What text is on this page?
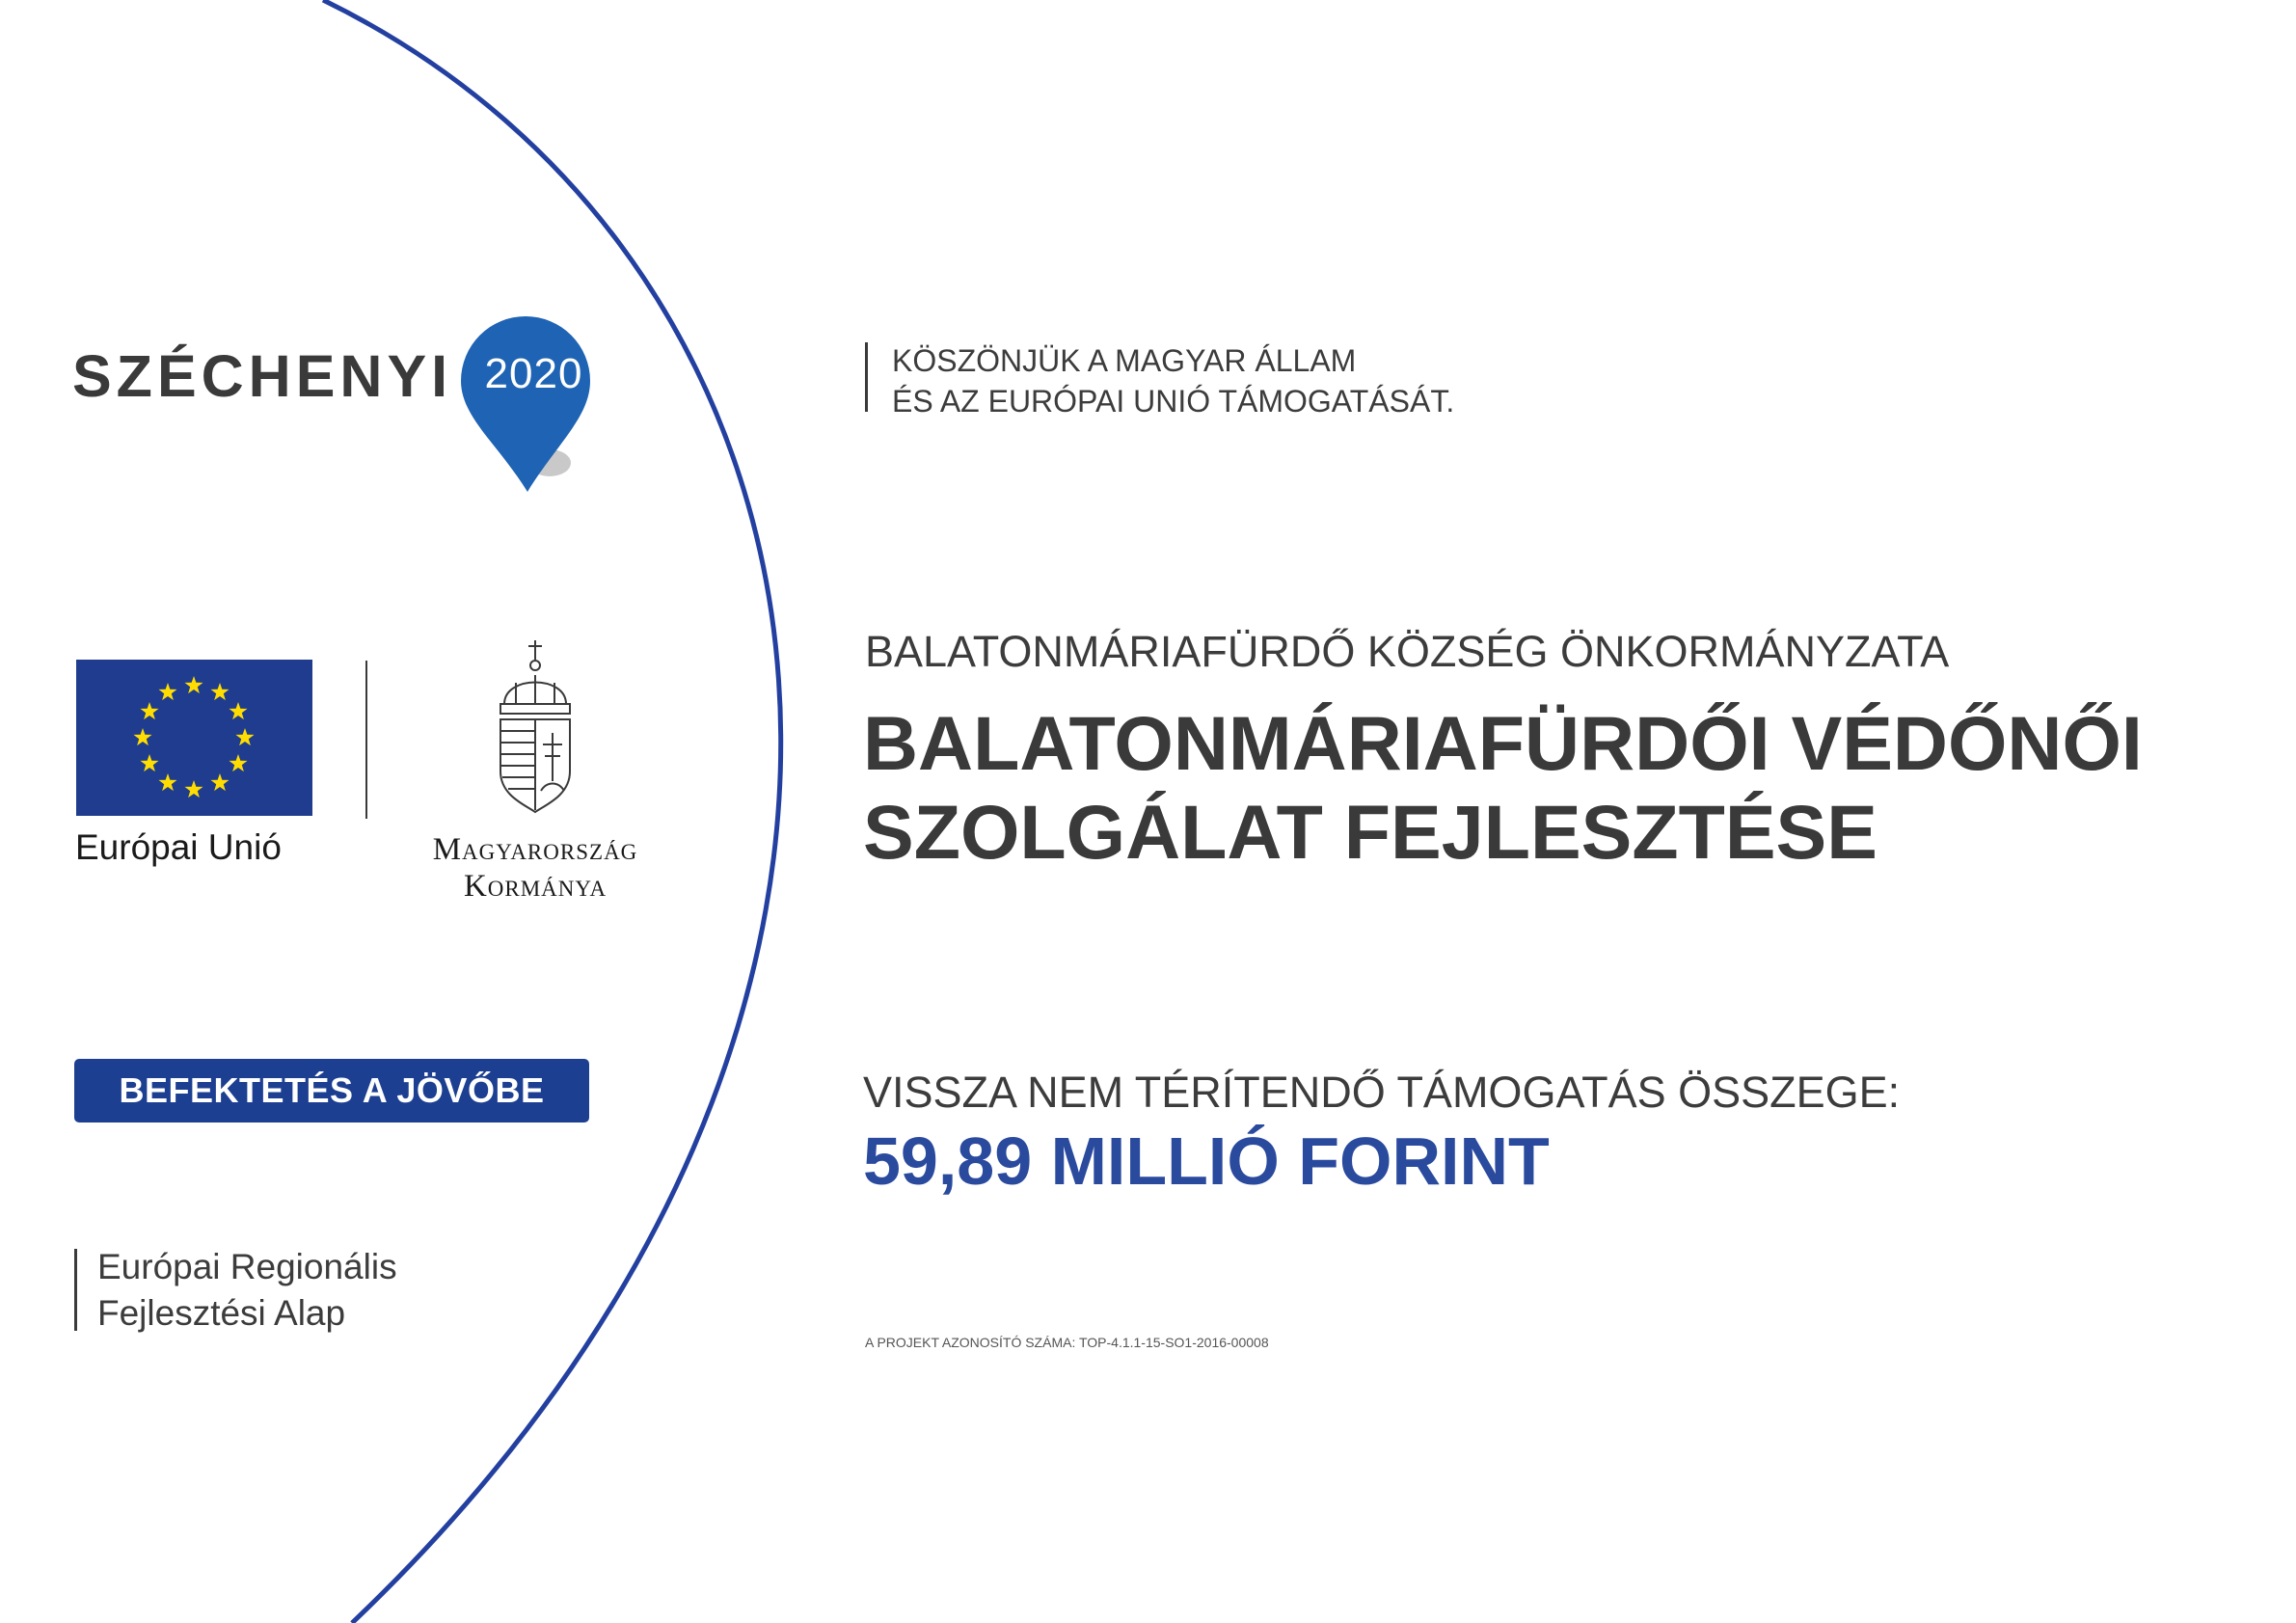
SZÉCHENYI 2020	KÖSZÖNJÜK A MAGYAR ÁLLAM
ÉS AZ EURÓPAI UNIÓ TÁMOGATÁSÁT.
Európai Unió	Magyarország
Kormánya
BEFEKTETÉS A JÖVŐBE
Európai Regionális
Fejlesztési Alap
BALATONMÁRIAFÜRDŐ KÖZSÉG ÖNKORMÁNYZATA
BALATONMÁRIAFÜRDŐI VÉDŐNŐI
SZOLGÁLAT FEJLESZTÉSE
VISSZA NEM TÉRÍTENDŐ TÁMOGATÁS ÖSSZEGE:
59,89 MILLIÓ FORINT
A PROJEKT AZONOSÍTÓ SZÁMA: TOP-4.1.1-15-SO1-2016-00008
